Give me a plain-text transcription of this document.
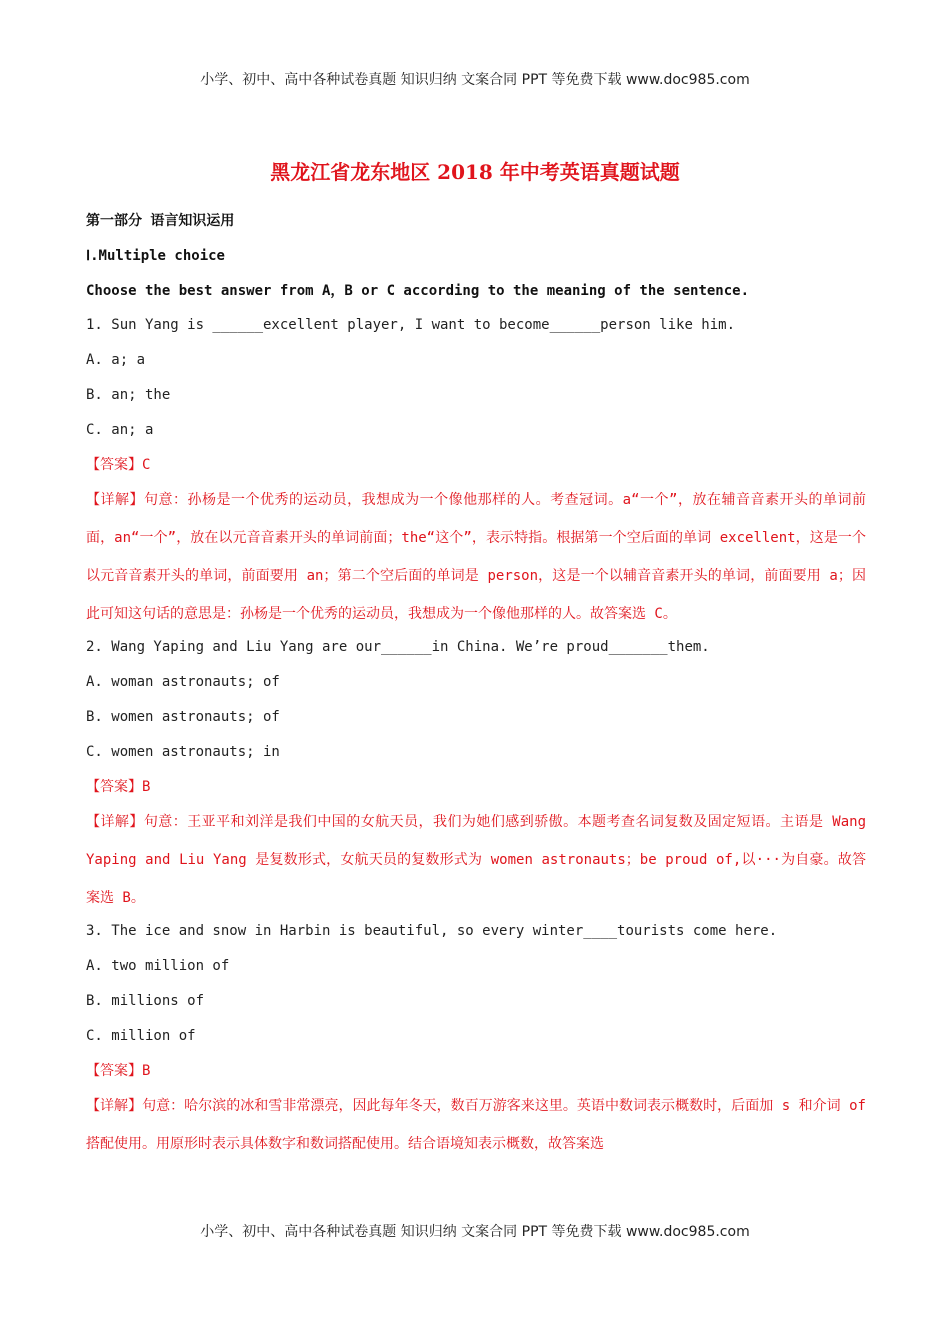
小学、初中、高中各种试卷真题 知识归纳 文案合同 PPT 等免费下载 www.doc985.com
黑龙江省龙东地区 2018 年中考英语真题试题
第一部分 语言知识运用
Ⅰ.Multiple choice
Choose the best answer from A，B or C according to the meaning of the sentence.
1. Sun Yang is ______excellent player, I want to become______person like him.
A. a; a
B. an; the
C. an; a
【答案】C
【详解】句意：孙杨是一个优秀的运动员，我想成为一个像他那样的人。考查冠词。a“一个”，放在辅音音素开头的单词前面，an“一个”，放在以元音音素开头的单词前面；the“这个”，表示特指。根据第一个空后面的单词 excellent，这是一个以元音音素开头的单词，前面要用 an；第二个空后面的单词是 person，这是一个以辅音音素开头的单词，前面要用 a；因此可知这句话的意思是：孙杨是一个优秀的运动员，我想成为一个像他那样的人。故答案选 C。
2. Wang Yaping and Liu Yang are our______in China. We’re proud_______them.
A. woman astronauts; of
B. women astronauts; of
C. women astronauts; in
【答案】B
【详解】句意：王亚平和刘洋是我们中国的女航天员，我们为她们感到骄傲。本题考查名词复数及固定短语。主语是 Wang Yaping and Liu Yang 是复数形式，女航天员的复数形式为 women astronauts；be proud of,以···为自豪。故答案选 B。
3. The ice and snow in Harbin is beautiful, so every winter____tourists come here.
A. two million of
B. millions of
C. million of
【答案】B
【详解】句意：哈尔滨的冰和雪非常漂亮，因此每年冬天，数百万游客来这里。英语中数词表示概数时，后面加 s 和介词 of 搭配使用。用原形时表示具体数字和数词搭配使用。结合语境知表示概数，故答案选
小学、初中、高中各种试卷真题 知识归纳 文案合同 PPT 等免费下载 www.doc985.com
